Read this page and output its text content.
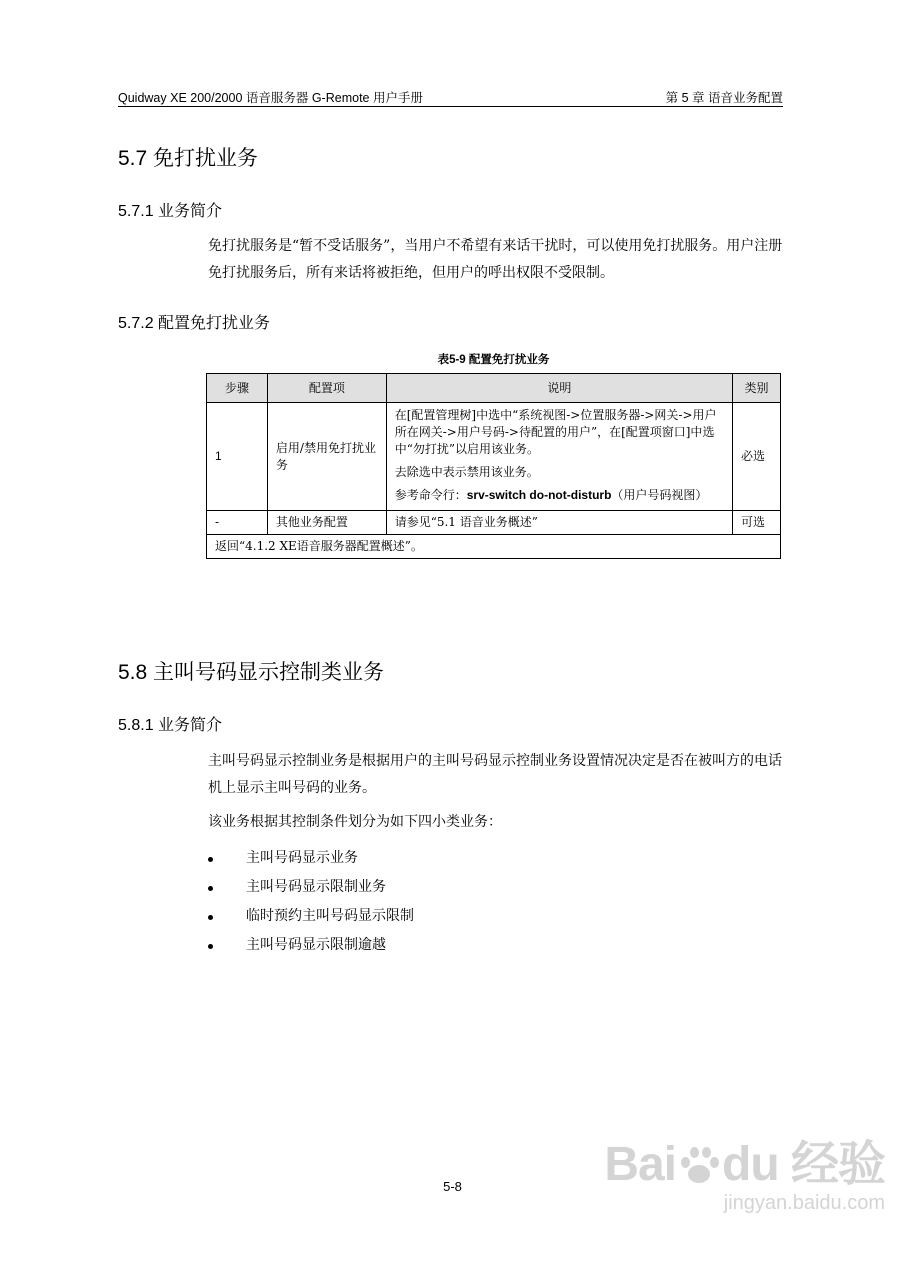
Quidway XE 200/2000 语音服务器 G-Remote 用户手册	第 5 章 语音业务配置
5.7 免打扰业务
5.7.1 业务简介

免打扰服务是“暂不受话服务”，当用户不希望有来话干扰时，可以使用免打扰服务。用户注册免打扰服务后，所有来话将被拒绝，但用户的呼出权限不受限制。

5.7.2 配置免打扰业务
表5-9 配置免打扰业务
步骤	配置项	说明	类别
1	启用/禁用免打扰业务	在[配置管理树]中选中“系统视图->位置服务器->网关->用户所在网关->用户号码->待配置的用户”，在[配置项窗口]中选中“勿打扰”以启用该业务。

去除选中表示禁用该业务。

参考命令行：srv-switch do-not-disturb（用户号码视图）	必选
-	其他业务配置	请参见“5.1 语音业务概述”	可选
返回“4.1.2 XE语音服务器配置概述”。			
5.8 主叫号码显示控制类业务
5.8.1 业务简介

主叫号码显示控制业务是根据用户的主叫号码显示控制业务设置情况决定是否在被叫方的电话机上显示主叫号码的业务。

该业务根据其控制条件划分为如下四小类业务：

主叫号码显示业务
主叫号码显示限制业务
临时预约主叫号码显示限制
主叫号码显示限制逾越
5-8	Bai du 经验
jingyan.baidu.com
